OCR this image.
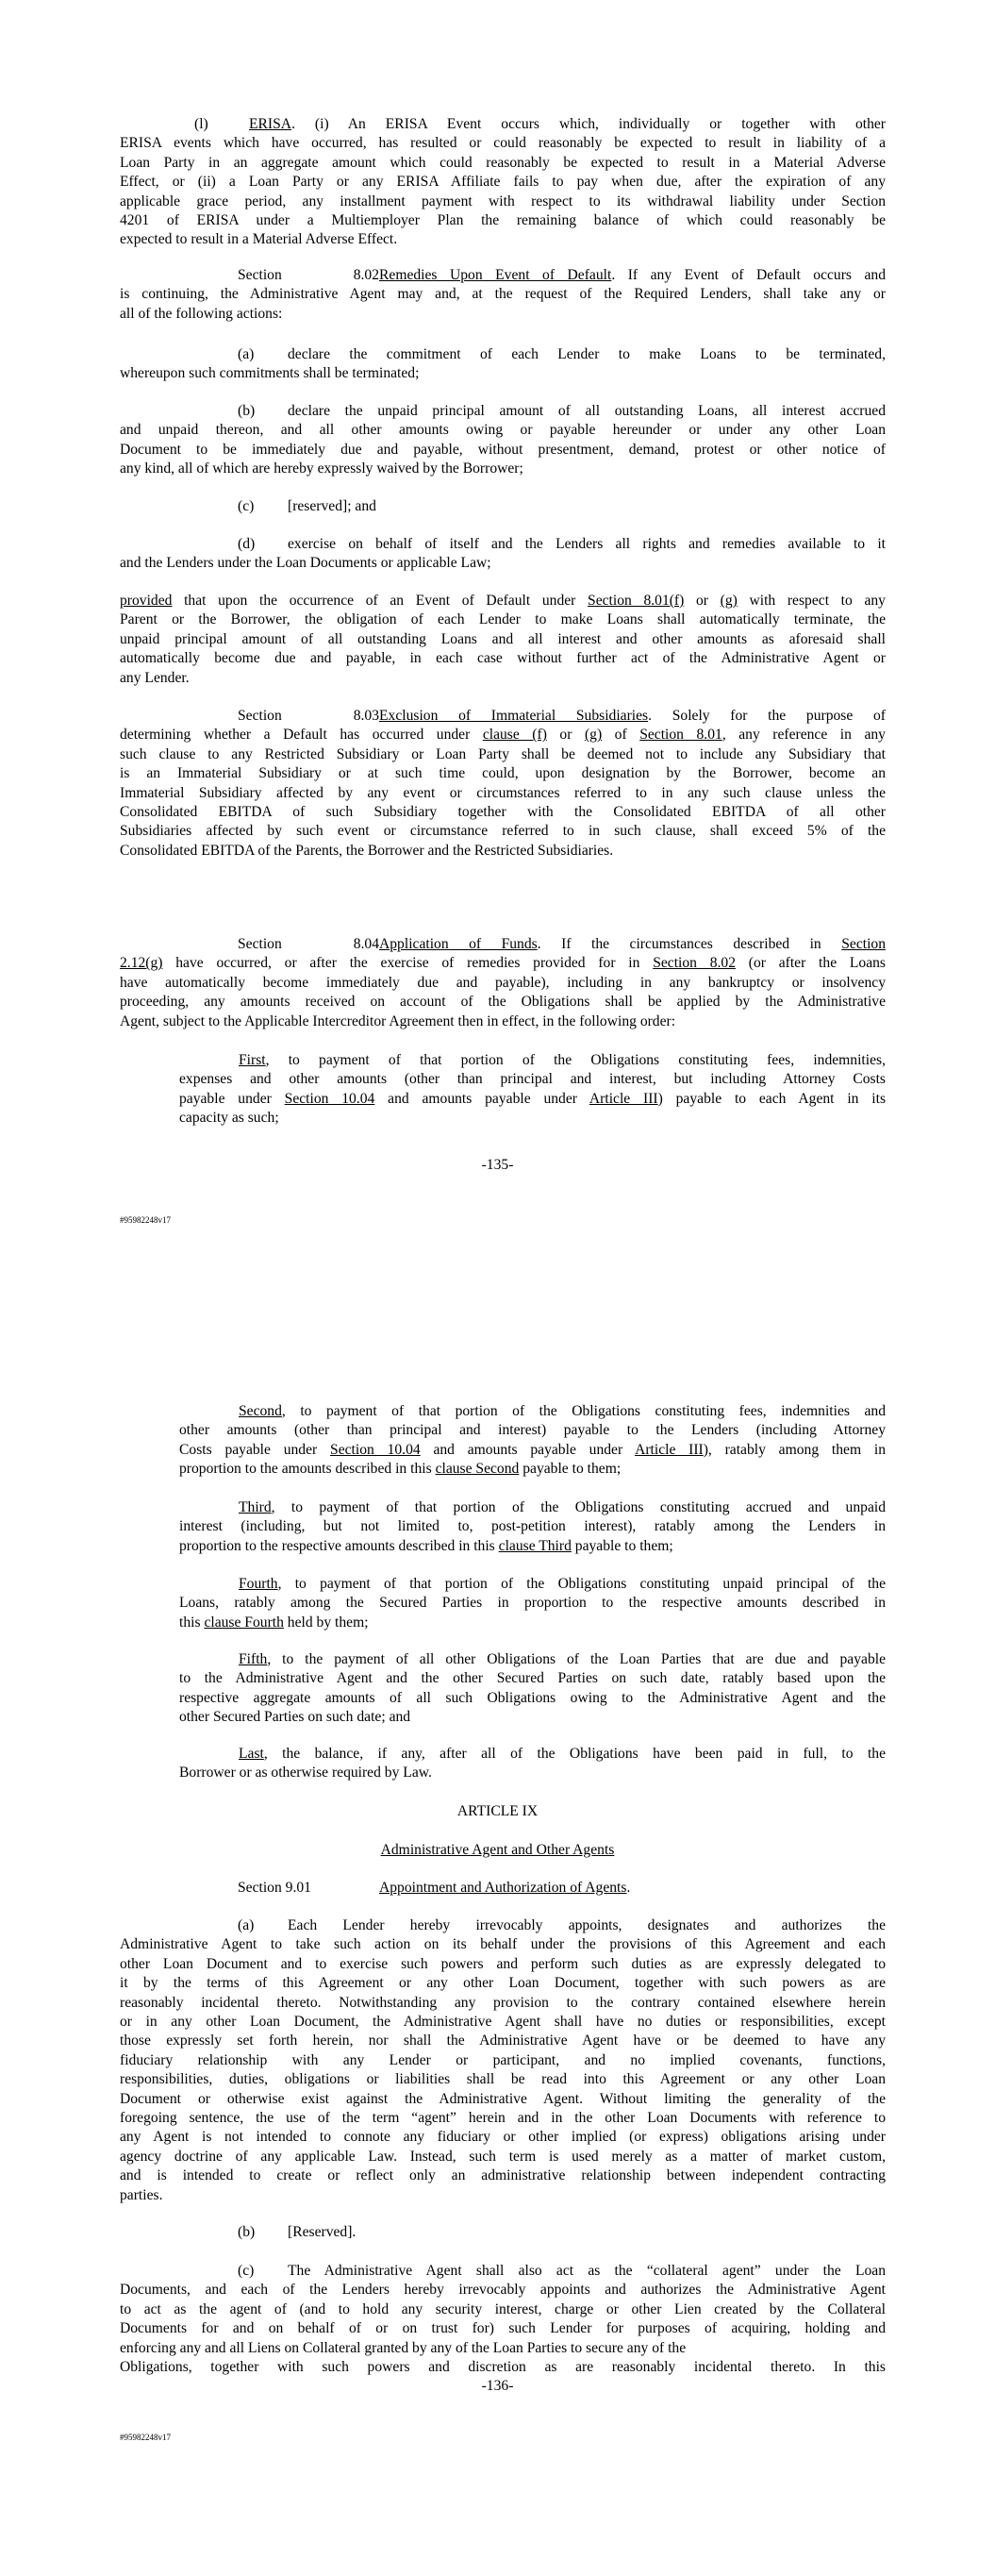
(l)	ERISA. (i) An ERISA Event occurs which, individually or together with other
ERISA events which have occurred, has resulted or could reasonably be expected to result in liability of a
Loan Party in an aggregate amount which could reasonably be expected to result in a Material Adverse
Effect, or (ii) a Loan Party or any ERISA Affiliate fails to pay when due, after the expiration of any
applicable grace period, any installment payment with respect to its withdrawal liability under Section
4201 of ERISA under a Multiemployer Plan the remaining balance of which could reasonably be
expected to result in a Material Adverse Effect.
Section 8.02Remedies Upon Event of Default. If any Event of Default occurs and
is continuing, the Administrative Agent may and, at the request of the Required Lenders, shall take any or
all of the following actions:
(a) declare the commitment of each Lender to make Loans to be terminated,
whereupon such commitments shall be terminated;
(b) declare the unpaid principal amount of all outstanding Loans, all interest accrued
and unpaid thereon, and all other amounts owing or payable hereunder or under any other Loan
Document to be immediately due and payable, without presentment, demand, protest or other notice of
any kind, all of which are hereby expressly waived by the Borrower;
(c) [reserved]; and
(d) exercise on behalf of itself and the Lenders all rights and remedies available to it
and the Lenders under the Loan Documents or applicable Law;
provided that upon the occurrence of an Event of Default under Section 8.01(f) or (g) with respect to any
Parent or the Borrower, the obligation of each Lender to make Loans shall automatically terminate, the
unpaid principal amount of all outstanding Loans and all interest and other amounts as aforesaid shall
automatically become due and payable, in each case without further act of the Administrative Agent or
any Lender.
Section 8.03Exclusion of Immaterial Subsidiaries. Solely for the purpose of
determining whether a Default has occurred under clause (f) or (g) of Section 8.01, any reference in any
such clause to any Restricted Subsidiary or Loan Party shall be deemed not to include any Subsidiary that
is an Immaterial Subsidiary or at such time could, upon designation by the Borrower, become an
Immaterial Subsidiary affected by any event or circumstances referred to in any such clause unless the
Consolidated EBITDA of such Subsidiary together with the Consolidated EBITDA of all other
Subsidiaries affected by such event or circumstance referred to in such clause, shall exceed 5% of the
Consolidated EBITDA of the Parents, the Borrower and the Restricted Subsidiaries.
Section 8.04Application of Funds. If the circumstances described in Section
2.12(g) have occurred, or after the exercise of remedies provided for in Section 8.02 (or after the Loans
have automatically become immediately due and payable), including in any bankruptcy or insolvency
proceeding, any amounts received on account of the Obligations shall be applied by the Administrative
Agent, subject to the Applicable Intercreditor Agreement then in effect, in the following order:
First, to payment of that portion of the Obligations constituting fees, indemnities,
expenses and other amounts (other than principal and interest, but including Attorney Costs
payable under Section 10.04 and amounts payable under Article III) payable to each Agent in its
capacity as such;
-135-
#95982248v17
Second, to payment of that portion of the Obligations constituting fees, indemnities and
other amounts (other than principal and interest) payable to the Lenders (including Attorney
Costs payable under Section 10.04 and amounts payable under Article III), ratably among them in
proportion to the amounts described in this clause Second payable to them;
Third, to payment of that portion of the Obligations constituting accrued and unpaid
interest (including, but not limited to, post-petition interest), ratably among the Lenders in
proportion to the respective amounts described in this clause Third payable to them;
Fourth, to payment of that portion of the Obligations constituting unpaid principal of the
Loans, ratably among the Secured Parties in proportion to the respective amounts described in
this clause Fourth held by them;
Fifth, to the payment of all other Obligations of the Loan Parties that are due and payable
to the Administrative Agent and the other Secured Parties on such date, ratably based upon the
respective aggregate amounts of all such Obligations owing to the Administrative Agent and the
other Secured Parties on such date; and
Last, the balance, if any, after all of the Obligations have been paid in full, to the
Borrower or as otherwise required by Law.
ARTICLE IX
Administrative Agent and Other Agents
Section 9.01	Appointment and Authorization of Agents.
(a) Each Lender hereby irrevocably appoints, designates and authorizes the
Administrative Agent to take such action on its behalf under the provisions of this Agreement and each
other Loan Document and to exercise such powers and perform such duties as are expressly delegated to
it by the terms of this Agreement or any other Loan Document, together with such powers as are
reasonably incidental thereto. Notwithstanding any provision to the contrary contained elsewhere herein
or in any other Loan Document, the Administrative Agent shall have no duties or responsibilities, except
those expressly set forth herein, nor shall the Administrative Agent have or be deemed to have any
fiduciary relationship with any Lender or participant, and no implied covenants, functions,
responsibilities, duties, obligations or liabilities shall be read into this Agreement or any other Loan
Document or otherwise exist against the Administrative Agent. Without limiting the generality of the
foregoing sentence, the use of the term “agent” herein and in the other Loan Documents with reference to
any Agent is not intended to connote any fiduciary or other implied (or express) obligations arising under
agency doctrine of any applicable Law. Instead, such term is used merely as a matter of market custom,
and is intended to create or reflect only an administrative relationship between independent contracting
parties.
(b) [Reserved].
(c) The Administrative Agent shall also act as the “collateral agent” under the Loan
Documents, and each of the Lenders hereby irrevocably appoints and authorizes the Administrative Agent
to act as the agent of (and to hold any security interest, charge or other Lien created by the Collateral
Documents for and on behalf of or on trust for) such Lender for purposes of acquiring, holding and
enforcing any and all Liens on Collateral granted by any of the Loan Parties to secure any of the
Obligations, together with such powers and discretion as are reasonably incidental thereto. In this
-136-
#95982248v17
